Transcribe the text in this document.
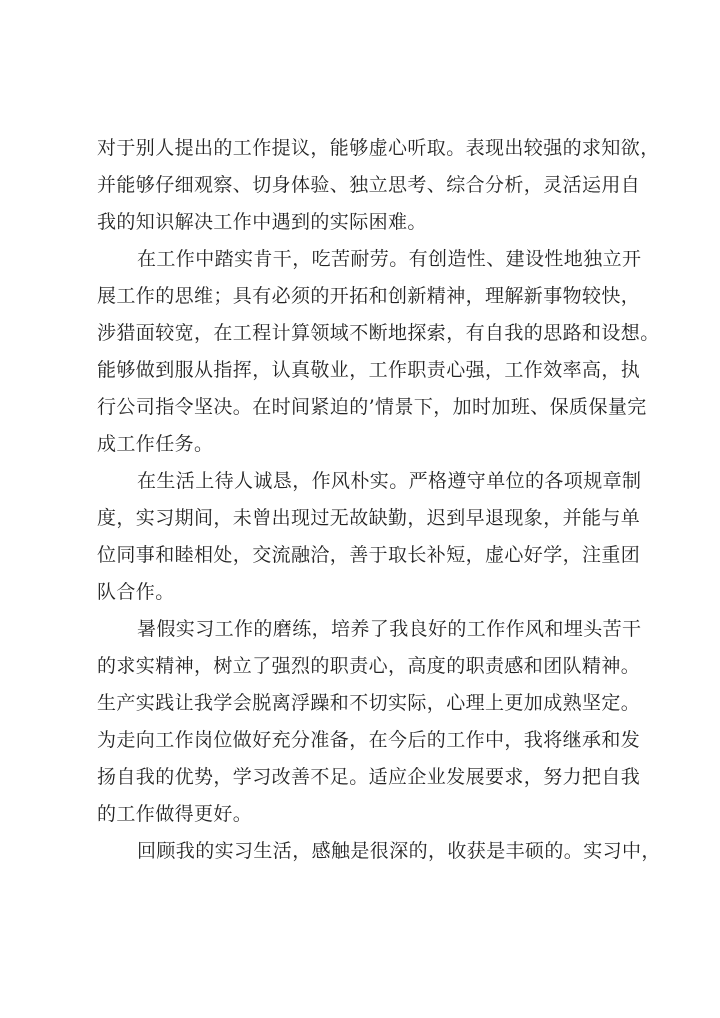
对于别人提出的工作提议，能够虚心听取。表现出较强的求知欲，
并能够仔细观察、切身体验、独立思考、综合分析，灵活运用自
我的知识解决工作中遇到的实际困难。
在工作中踏实肯干，吃苦耐劳。有创造性、建设性地独立开
展工作的思维；具有必须的开拓和创新精神，理解新事物较快，
涉猎面较宽，在工程计算领域不断地探索，有自我的思路和设想。
能够做到服从指挥，认真敬业，工作职责心强，工作效率高，执
行公司指令坚决。在时间紧迫的’情景下，加时加班、保质保量完
成工作任务。
在生活上待人诚恳，作风朴实。严格遵守单位的各项规章制
度，实习期间，未曾出现过无故缺勤，迟到早退现象，并能与单
位同事和睦相处，交流融洽，善于取长补短，虚心好学，注重团
队合作。
暑假实习工作的磨练，培养了我良好的工作作风和埋头苦干
的求实精神，树立了强烈的职责心，高度的职责感和团队精神。
生产实践让我学会脱离浮躁和不切实际，心理上更加成熟坚定。
为走向工作岗位做好充分准备，在今后的工作中，我将继承和发
扬自我的优势，学习改善不足。适应企业发展要求，努力把自我
的工作做得更好。
回顾我的实习生活，感触是很深的，收获是丰硕的。实习中，
